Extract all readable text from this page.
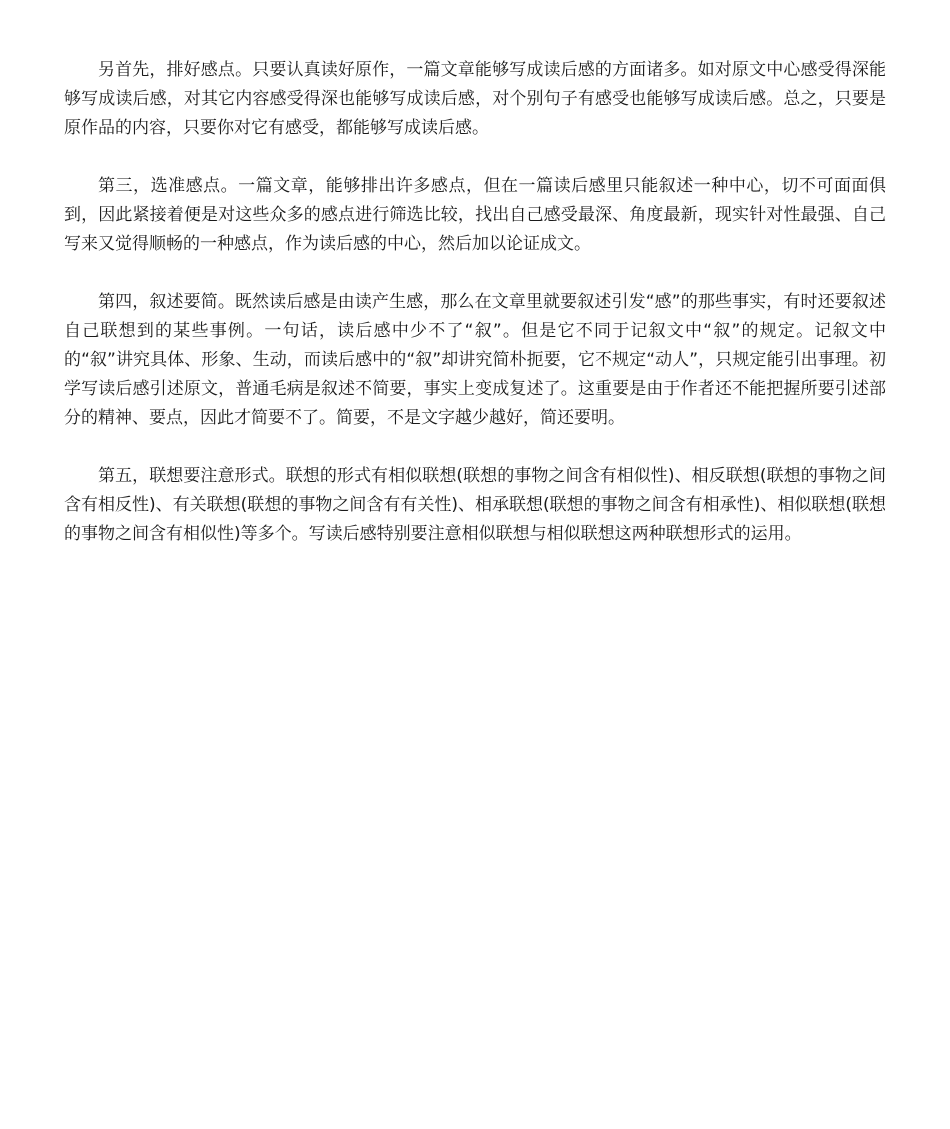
另首先，排好感点。只要认真读好原作，一篇文章能够写成读后感的方面诸多。如对原文中心感受得深能够写成读后感，对其它内容感受得深也能够写成读后感，对个别句子有感受也能够写成读后感。总之，只要是原作品的内容，只要你对它有感受，都能够写成读后感。

第三，选准感点。一篇文章，能够排出许多感点，但在一篇读后感里只能叙述一种中心，切不可面面俱到，因此紧接着便是对这些众多的感点进行筛选比较，找出自己感受最深、角度最新，现实针对性最强、自己写来又觉得顺畅的一种感点，作为读后感的中心，然后加以论证成文。

第四，叙述要简。既然读后感是由读产生感，那么在文章里就要叙述引发“感”的那些事实，有时还要叙述自己联想到的某些事例。一句话，读后感中少不了“叙”。但是它不同于记叙文中“叙”的规定。记叙文中的“叙”讲究具体、形象、生动，而读后感中的“叙”却讲究简朴扼要，它不规定“动人”，只规定能引出事理。初学写读后感引述原文，普通毛病是叙述不简要，事实上变成复述了。这重要是由于作者还不能把握所要引述部分的精神、要点，因此才简要不了。简要，不是文字越少越好，简还要明。

第五，联想要注意形式。联想的形式有相似联想(联想的事物之间含有相似性)、相反联想(联想的事物之间含有相反性)、有关联想(联想的事物之间含有有关性)、相承联想(联想的事物之间含有相承性)、相似联想(联想的事物之间含有相似性)等多个。写读后感特别要注意相似联想与相似联想这两种联想形式的运用。
